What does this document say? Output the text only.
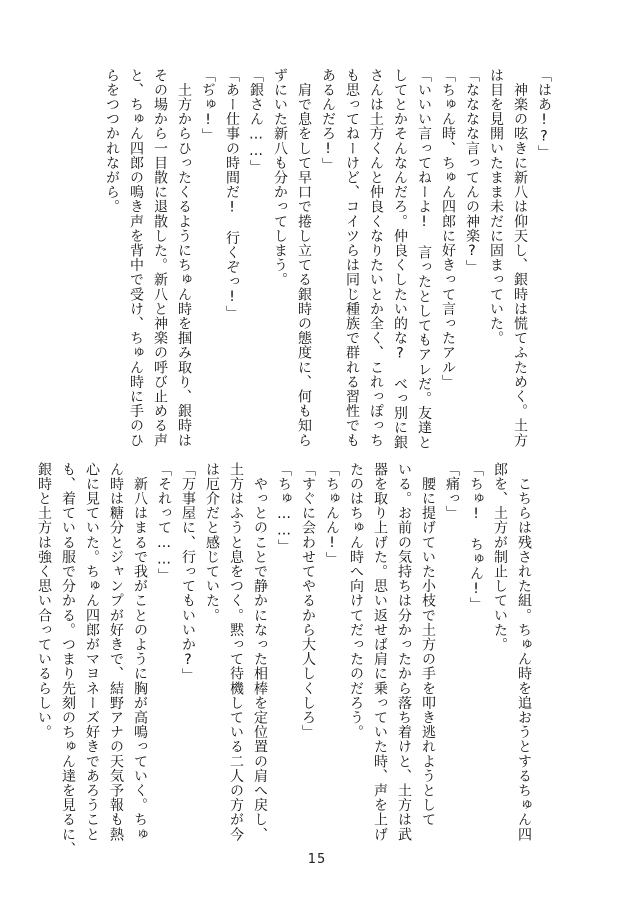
「はあ!?」

　神楽の呟きに新八は仰天し、銀時は慌てふためく。土方

は目を見開いたまま未だに固まっていた。

「なななな言ってんの神楽?」

「ちゅん時、ちゅん四郎に好きって言ったアル」

「いいい言ってねーよ!　言ったとしてもアレだ。友達と

してとかそんなんだろ。仲良くしたい的な?　べっ別に銀

さんは土方くんと仲良くなりたいとか全く、これっぽっち

も思ってねーけど、コイツらは同じ種族で群れる習性でも

あるんだろ!」

　肩で息をして早口で捲し立てる銀時の態度に、何も知ら

ずにいた新八も分かってしまう。

「銀さん……」

「あー仕事の時間だ!　行くぞっ!」

「ぢゅ!」

　土方からひったくるようにちゅん時を掴み取り、銀時は

その場から一目散に退散した。新八と神楽の呼び止める声

と、ちゅん四郎の鳴き声を背中で受け、ちゅん時に手のひ

らをつつかれながら。

　こちらは残された組。ちゅん時を追おうとするちゅん四

郎を、土方が制止していた。

「ちゅ!　ちゅん!」

「痛っ」

　腰に提げていた小枝で土方の手を叩き逃れようとして

いる。お前の気持ちは分かったから落ち着けと、土方は武

器を取り上げた。思い返せば肩に乗っていた時、声を上げ

たのはちゅん時へ向けてだったのだろう。

「ちゅんん!」

「すぐに会わせてやるから大人しくしろ」

「ちゅ……」

　やっとのことで静かになった相棒を定位置の肩へ戻し、

土方はふうと息をつく。黙って待機している二人の方が今

は厄介だと感じていた。

「万事屋に、行ってもいいか?」

「それって……」

　新八はまるで我がことのように胸が高鳴っていく。ちゅ

ん時は糖分とジャンプが好きで、結野アナの天気予報も熱

心に見ていた。ちゅん四郎がマヨネーズ好きであろうこと

も、着ている服で分かる。つまり先刻のちゅん達を見るに、

銀時と土方は強く思い合っているらしい。

15
